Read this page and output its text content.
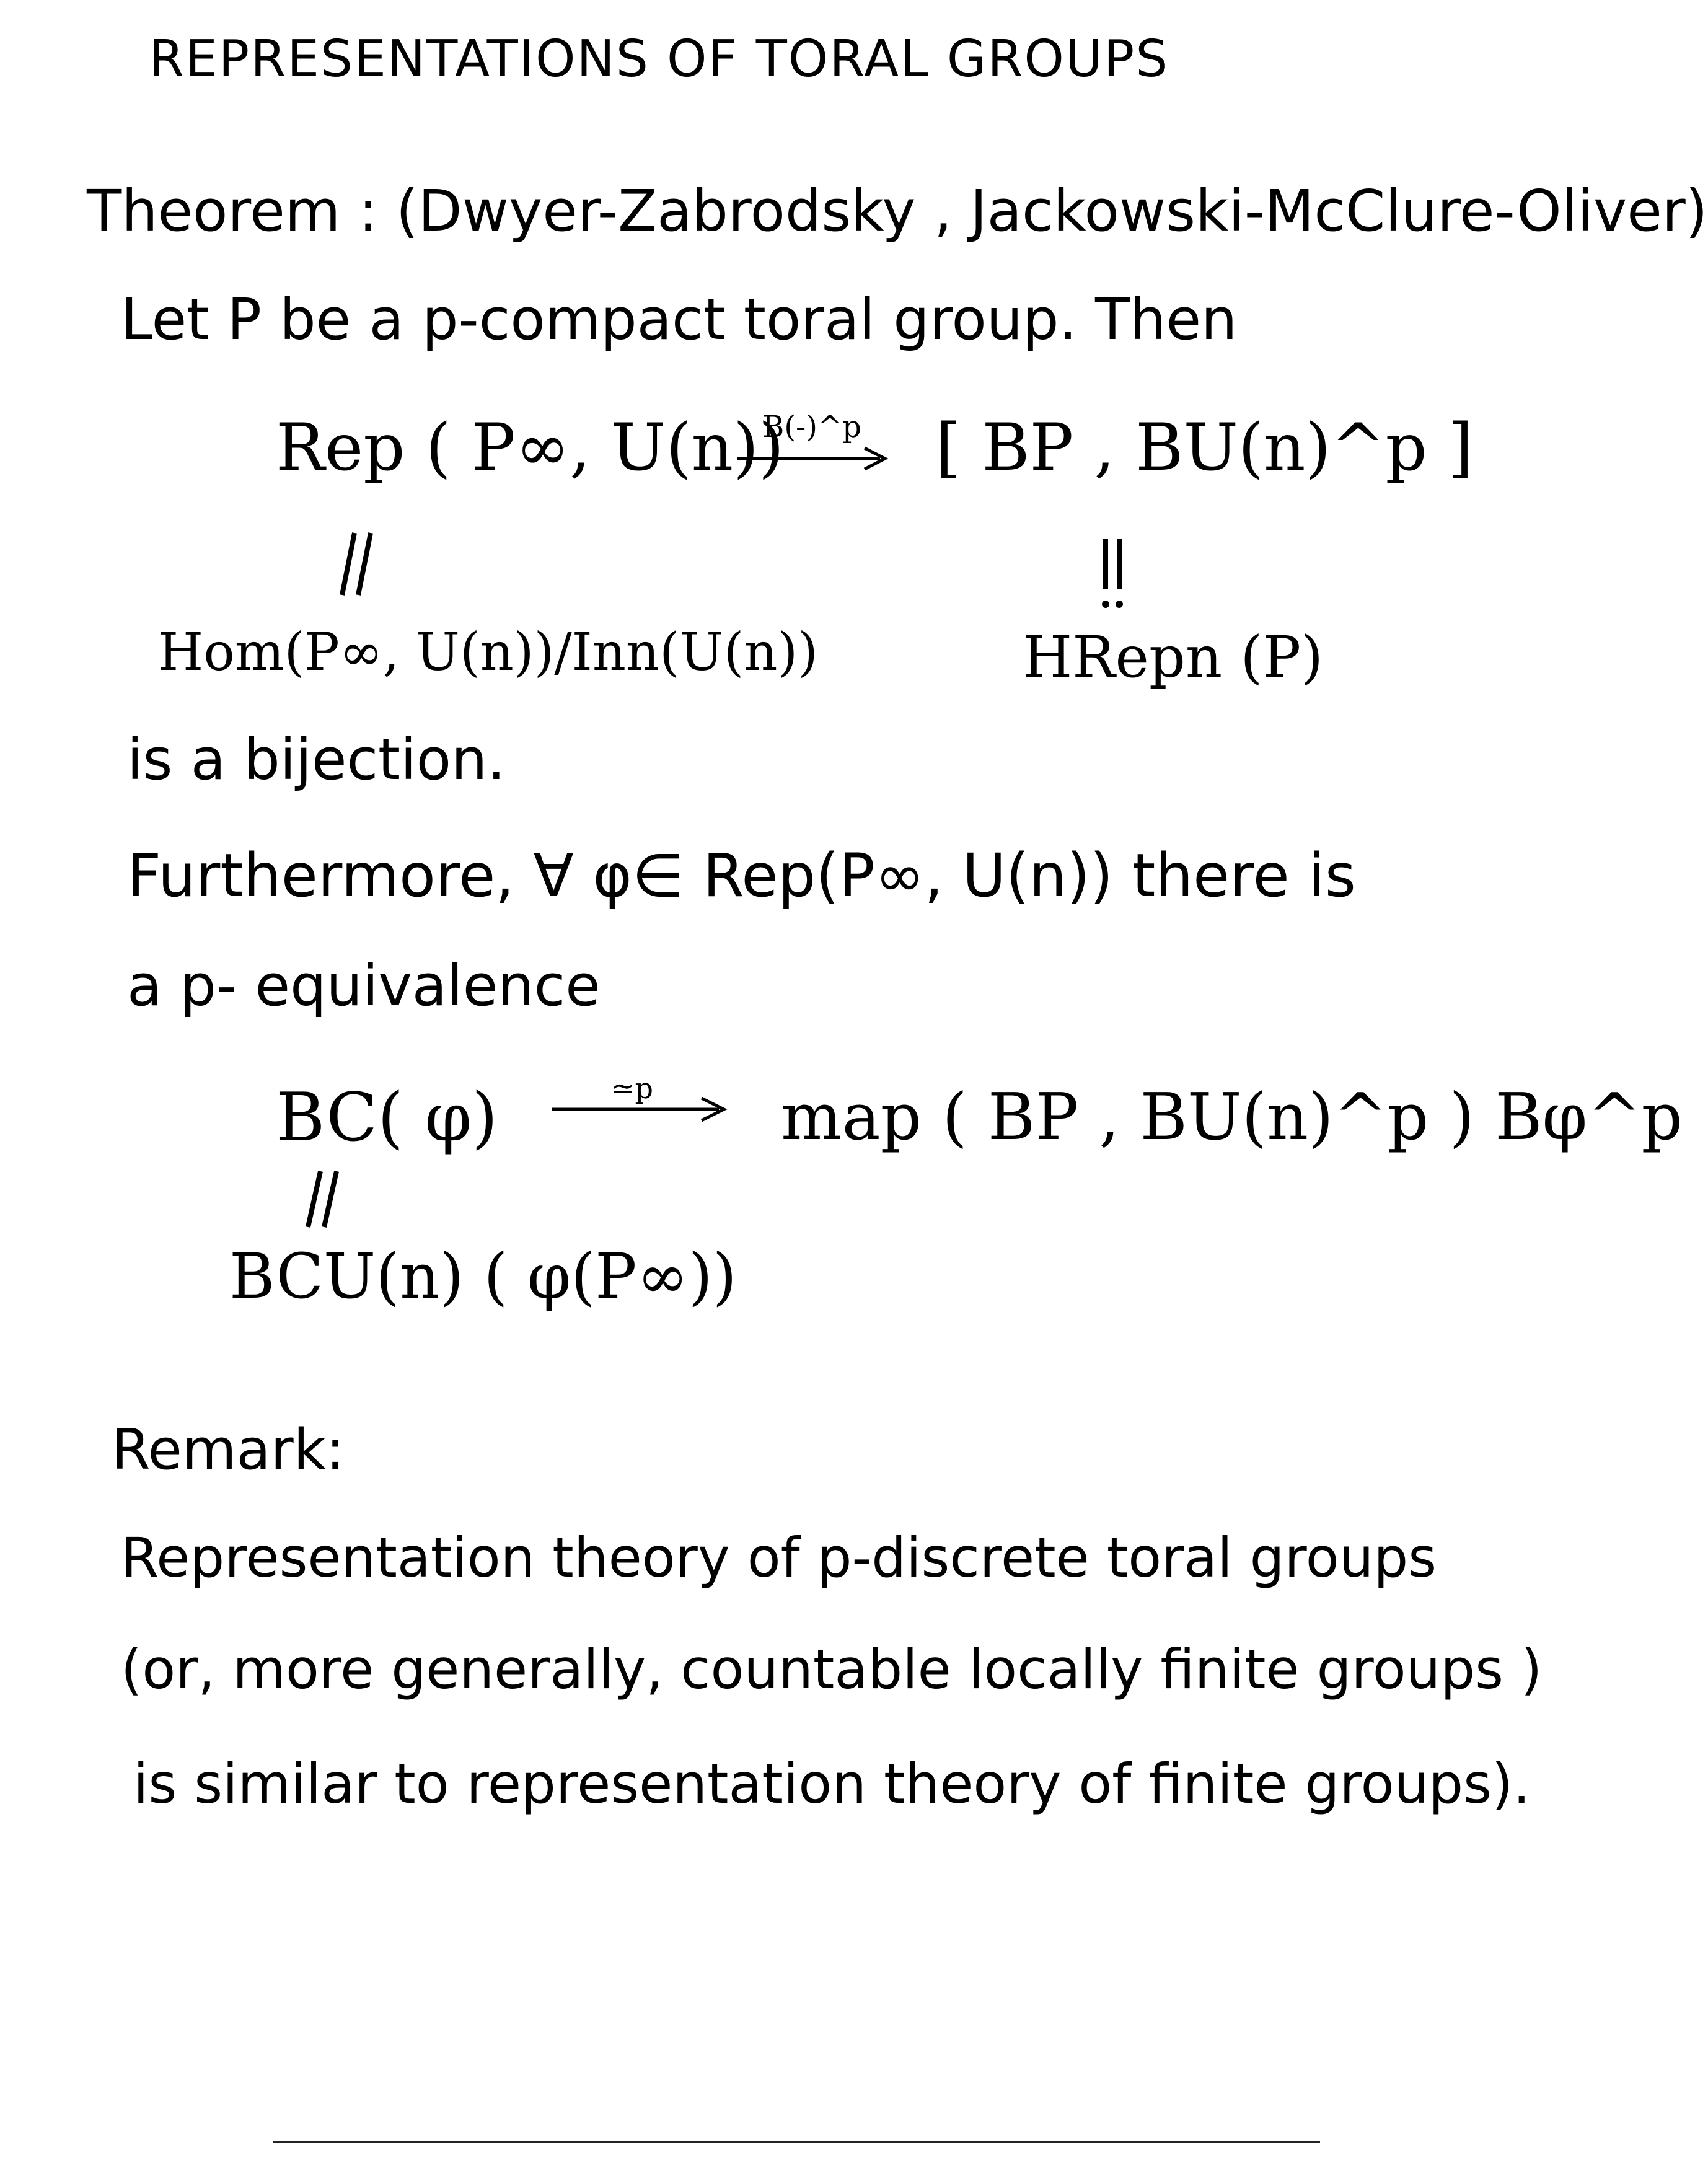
REPRESENTATIONS OF TORAL GROUPS
Theorem : (Dwyer-Zabrodsky , Jackowski-McClure-Oliver)
Let P be a p-compact toral group. Then
Rep ( P∞, U(n))
B(-)^p [ BP , BU(n)^p ]
Hom(P∞, U(n))/Inn(U(n))	HRepn (P)
is a bijection.
Furthermore, ∀ φ∈ Rep(P∞, U(n)) there is
a p- equivalence
BC( φ)	≃p map ( BP , BU(n)^p ) Bφ^p
BCU(n) ( φ(P∞))
Remark:
Representation theory of p-discrete toral groups
(or, more generally, countable locally finite groups )
is similar to representation theory of finite groups).
